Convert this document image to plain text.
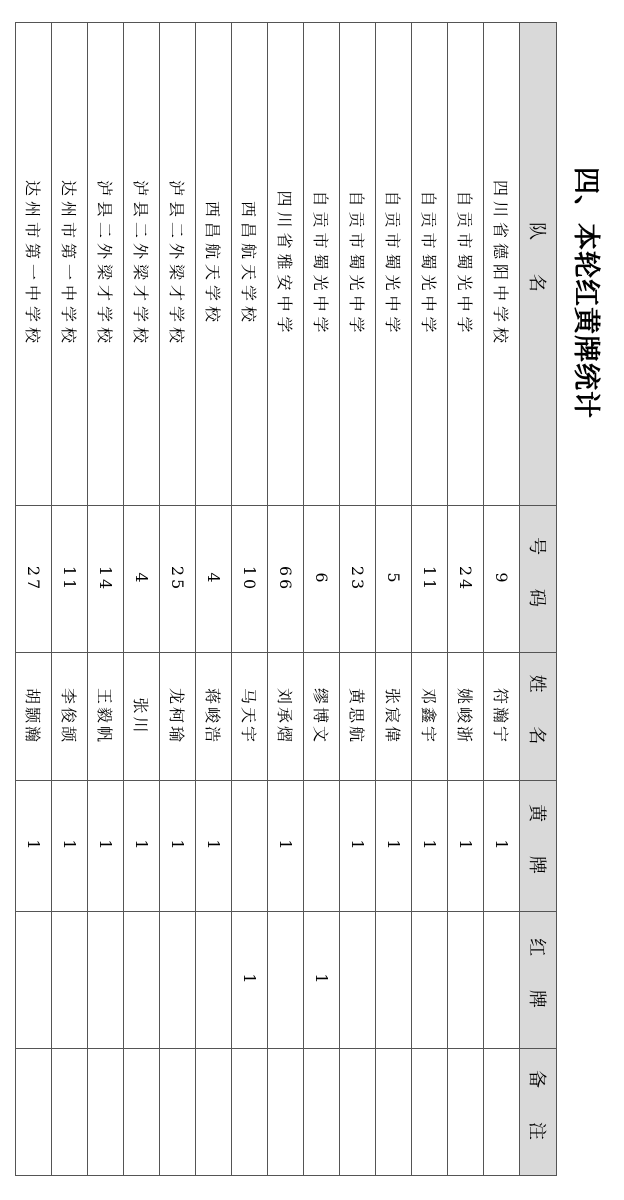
四、本轮红黄牌统计
队 名	号 码	姓 名	黄 牌	红 牌	备 注
四川省德阳中学校	9	符瀚宁	1		
自贡市蜀光中学	24	姚峻浙	1		
自贡市蜀光中学	11	邓鑫宇	1		
自贡市蜀光中学	5	张宸偉	1		
自贡市蜀光中学	23	黄思航	1		
自贡市蜀光中学	6	缪博文		1	
四川省雅安中学	66	刘承熠	1		
西昌航天学校	10	马天宇		1	
西昌航天学校	4	蒋峻浩	1		
泸县二外梁才学校	25	龙柯瑜	1		
泸县二外梁才学校	4	张川	1		
泸县二外梁才学校	14	王毅帆	1		
达州市第一中学校	11	李俊颉	1		
达州市第一中学校	27	胡颢瀚	1		
